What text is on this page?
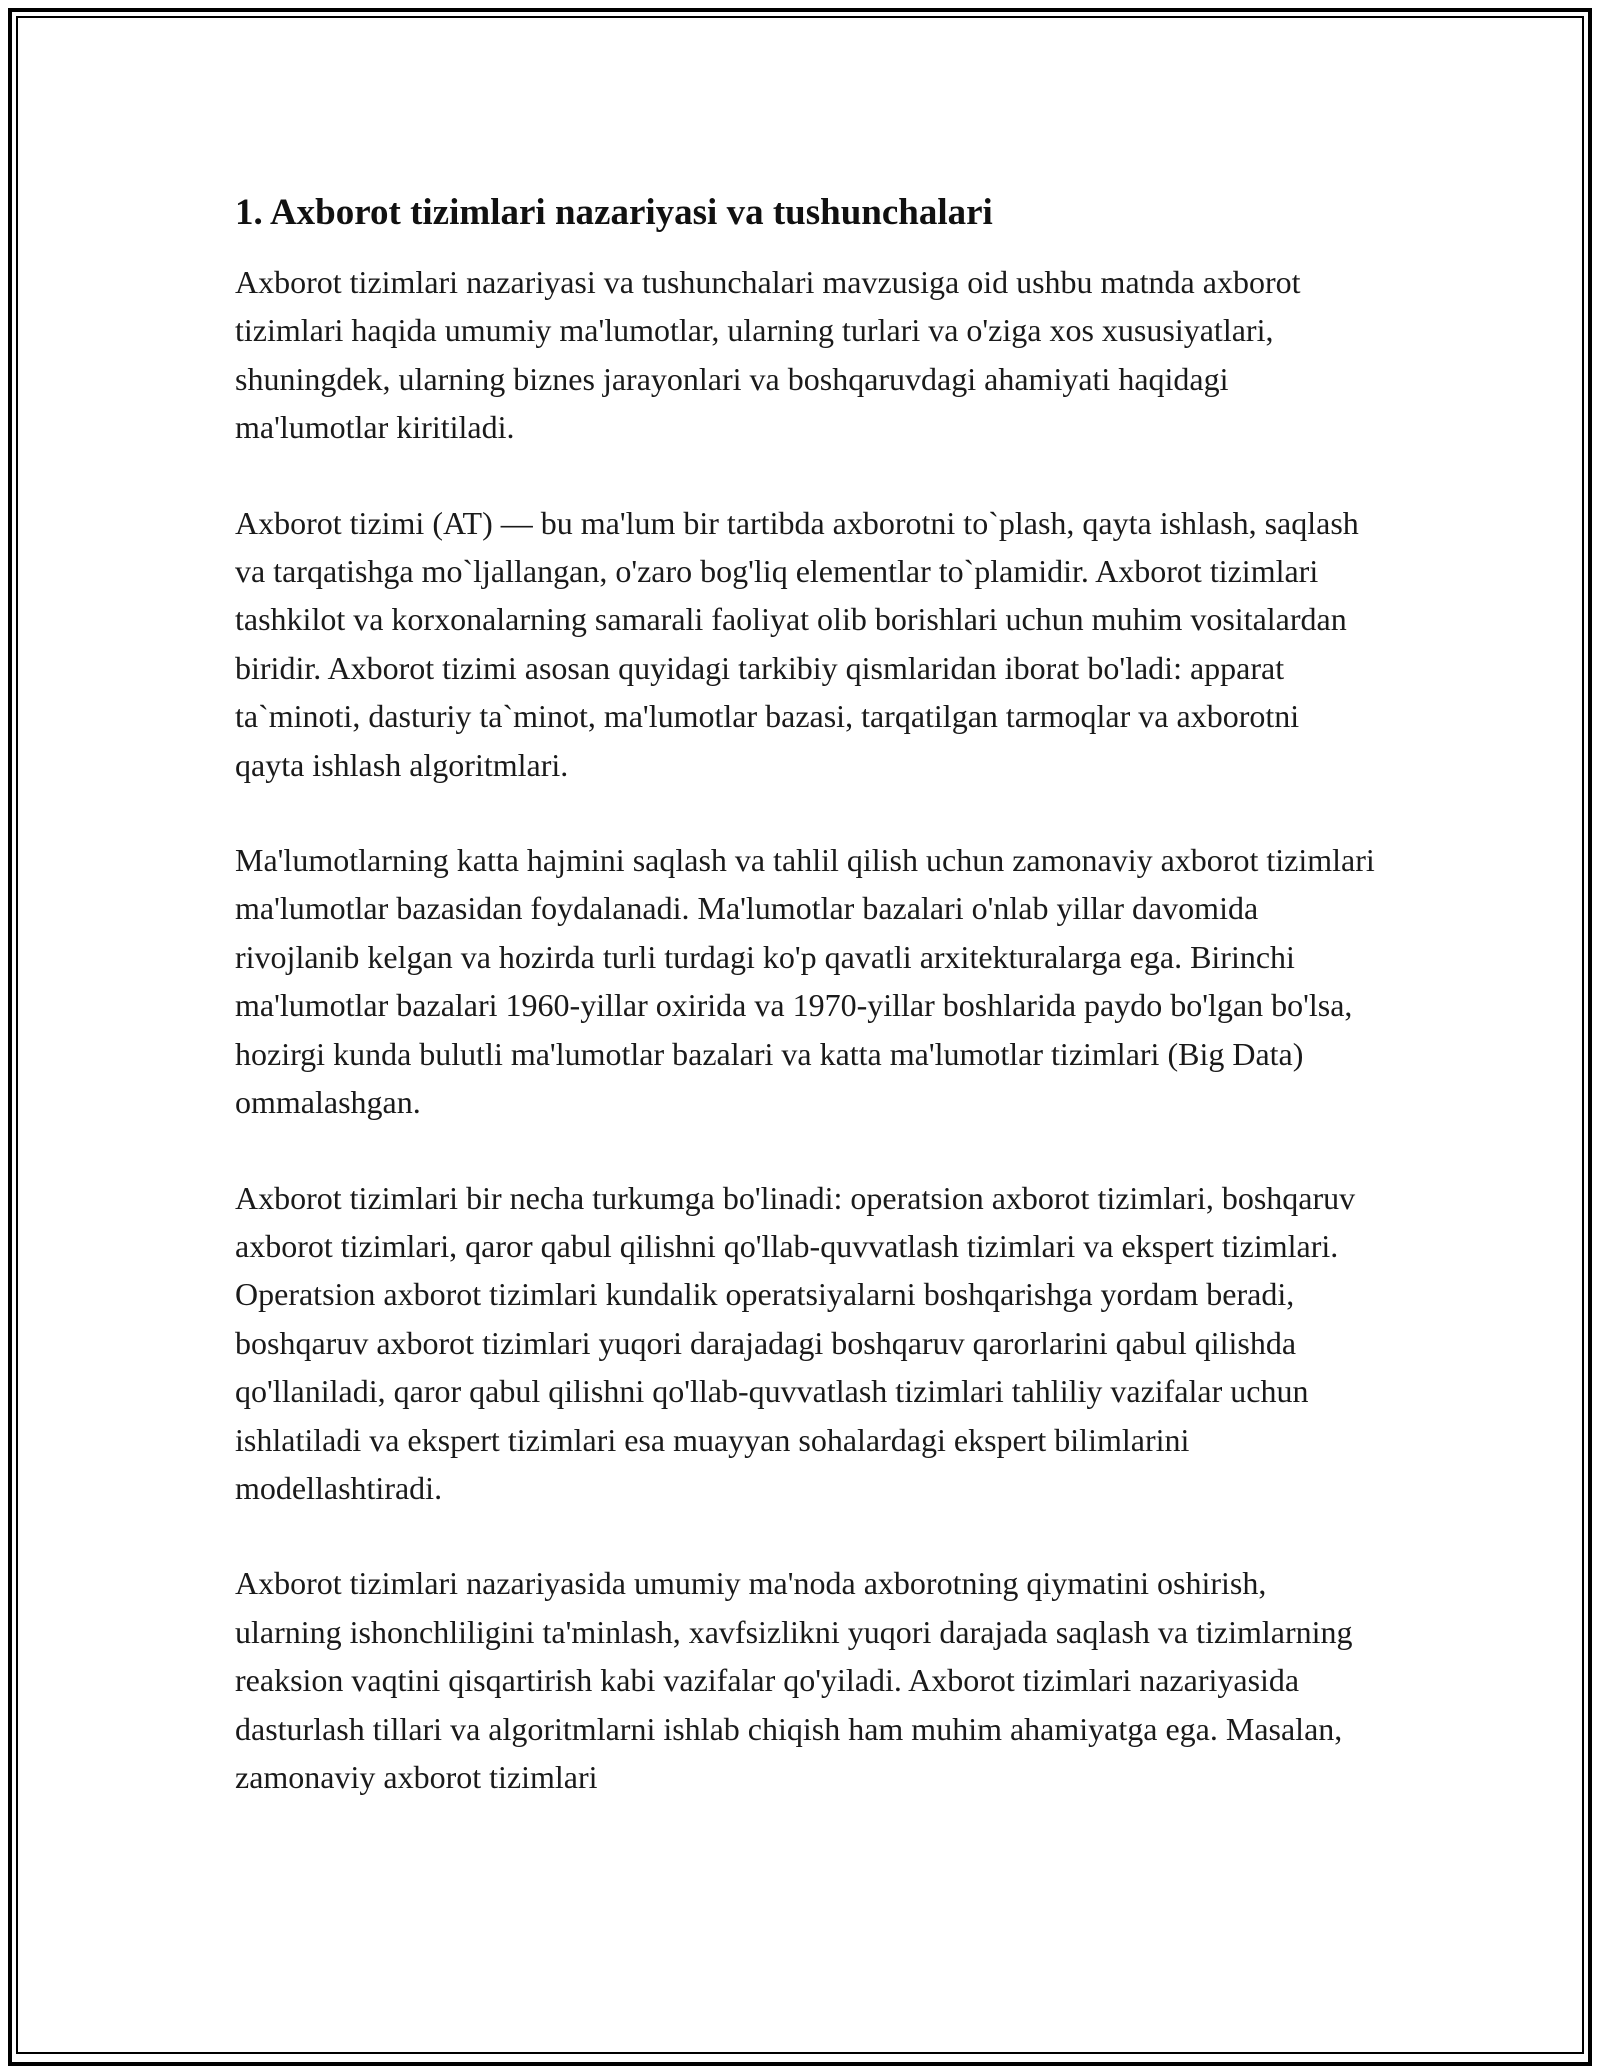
1. Axborot tizimlari nazariyasi va tushunchalari

Axborot tizimlari nazariyasi va tushunchalari mavzusiga oid ushbu matnda axborot tizimlari haqida umumiy ma'lumotlar, ularning turlari va o'ziga xos xususiyatlari, shuningdek, ularning biznes jarayonlari va boshqaruvdagi ahamiyati haqidagi ma'lumotlar kiritiladi.

Axborot tizimi (AT) — bu ma'lum bir tartibda axborotni to`plash, qayta ishlash, saqlash va tarqatishga mo`ljallangan, o'zaro bog'liq elementlar to`plamidir. Axborot tizimlari tashkilot va korxonalarning samarali faoliyat olib borishlari uchun muhim vositalardan biridir. Axborot tizimi asosan quyidagi tarkibiy qismlaridan iborat bo'ladi: apparat ta`minoti, dasturiy ta`minot, ma'lumotlar bazasi, tarqatilgan tarmoqlar va axborotni qayta ishlash algoritmlari.

Ma'lumotlarning katta hajmini saqlash va tahlil qilish uchun zamonaviy axborot tizimlari ma'lumotlar bazasidan foydalanadi. Ma'lumotlar bazalari o'nlab yillar davomida rivojlanib kelgan va hozirda turli turdagi ko'p qavatli arxitekturalarga ega. Birinchi ma'lumotlar bazalari 1960-yillar oxirida va 1970-yillar boshlarida paydo bo'lgan bo'lsa, hozirgi kunda bulutli ma'lumotlar bazalari va katta ma'lumotlar tizimlari (Big Data) ommalashgan.

Axborot tizimlari bir necha turkumga bo'linadi: operatsion axborot tizimlari, boshqaruv axborot tizimlari, qaror qabul qilishni qo'llab-quvvatlash tizimlari va ekspert tizimlari. Operatsion axborot tizimlari kundalik operatsiyalarni boshqarishga yordam beradi, boshqaruv axborot tizimlari yuqori darajadagi boshqaruv qarorlarini qabul qilishda qo'llaniladi, qaror qabul qilishni qo'llab-quvvatlash tizimlari tahliliy vazifalar uchun ishlatiladi va ekspert tizimlari esa muayyan sohalardagi ekspert bilimlarini modellashtiradi.

Axborot tizimlari nazariyasida umumiy ma'noda axborotning qiymatini oshirish, ularning ishonchliligini ta'minlash, xavfsizlikni yuqori darajada saqlash va tizimlarning reaksion vaqtini qisqartirish kabi vazifalar qo'yiladi. Axborot tizimlari nazariyasida dasturlash tillari va algoritmlarni ishlab chiqish ham muhim ahamiyatga ega. Masalan, zamonaviy axborot tizimlari
